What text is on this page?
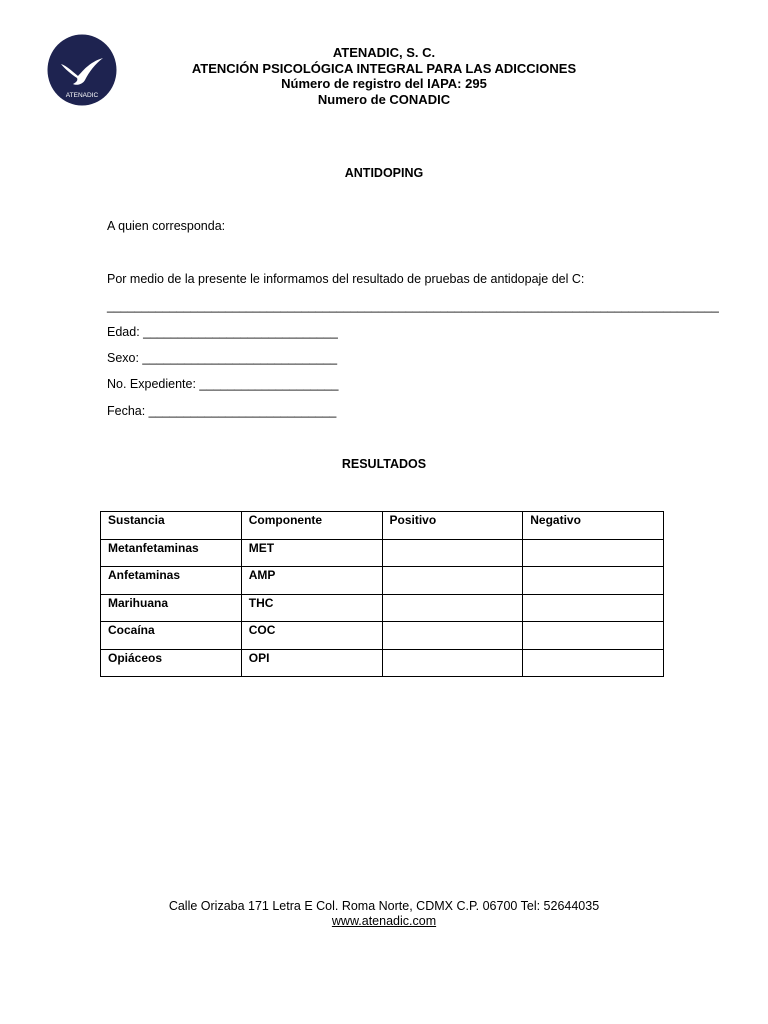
ATENADIC
ATENADIC, S. C.
ATENCIÓN PSICOLÓGICA INTEGRAL PARA LAS ADICCIONES
Número de registro del IAPA: 295
Numero de CONADIC
ANTIDOPING
A quien corresponda:
Por medio de la presente le informamos del resultado de pruebas de antidopaje del C:
________________________________________________________________________________________
Edad: ____________________________
Sexo: ____________________________
No. Expediente: ____________________
Fecha: ___________________________
RESULTADOS
Sustancia	Componente	Positivo	Negativo
Metanfetaminas	MET		
Anfetaminas	AMP		
Marihuana	THC		
Cocaína	COC		
Opiáceos	OPI		
Calle Orizaba 171 Letra E Col. Roma Norte, CDMX C.P. 06700 Tel: 52644035
www.atenadic.com
